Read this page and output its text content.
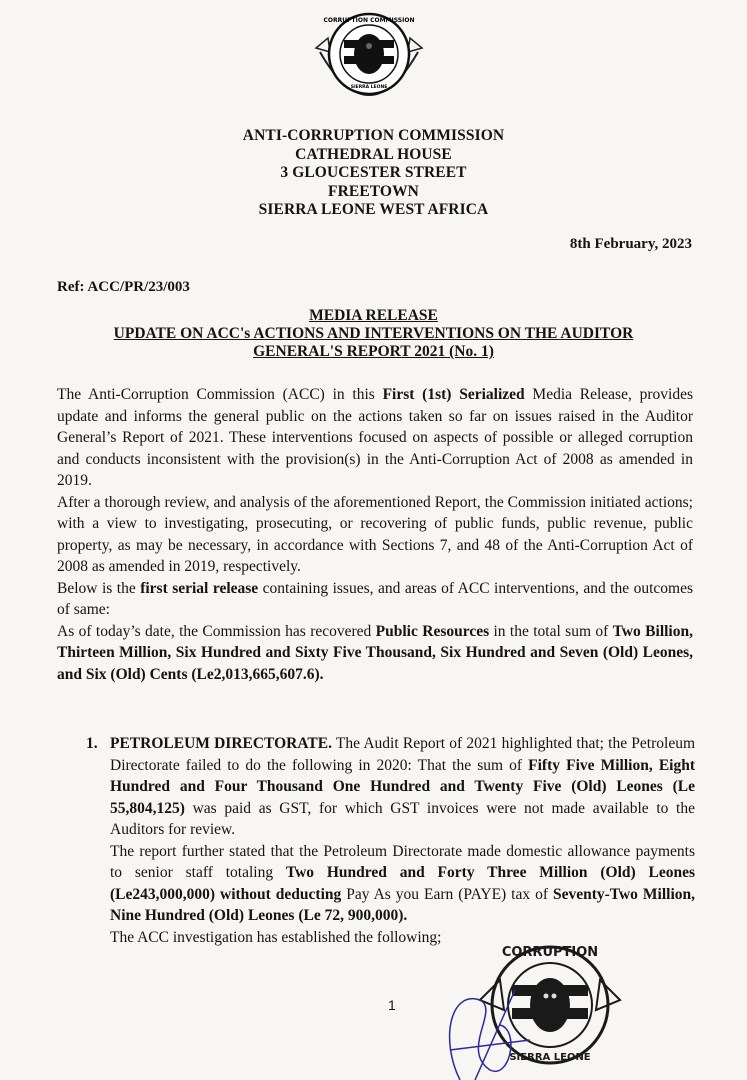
CORRUPTION COMMISSION
SIERRA LEONE
ANTI-CORRUPTION COMMISSION
CATHEDRAL HOUSE
3 GLOUCESTER STREET
FREETOWN
SIERRA LEONE WEST AFRICA
8th February, 2023
Ref: ACC/PR/23/003
MEDIA RELEASE
UPDATE ON ACC's ACTIONS AND INTERVENTIONS ON THE AUDITOR
GENERAL'S REPORT 2021 (No. 1)

The Anti-Corruption Commission (ACC) in this First (1st) Serialized Media Release, provides update and informs the general public on the actions taken so far on issues raised in the Auditor General’s Report of 2021. These interventions focused on aspects of possible or alleged corruption and conducts inconsistent with the provision(s) in the Anti-Corruption Act of 2008 as amended in 2019.

After a thorough review, and analysis of the aforementioned Report, the Commission initiated actions; with a view to investigating, prosecuting, or recovering of public funds, public revenue, public property, as may be necessary, in accordance with Sections 7, and 48 of the Anti-Corruption Act of 2008 as amended in 2019, respectively.

Below is the first serial release containing issues, and areas of ACC interventions, and the outcomes of same:

As of today’s date, the Commission has recovered Public Resources in the total sum of Two Billion, Thirteen Million, Six Hundred and Sixty Five Thousand, Six Hundred and Seven (Old) Leones, and Six (Old) Cents (Le2,013,665,607.6).

1. PETROLEUM DIRECTORATE. The Audit Report of 2021 highlighted that; the Petroleum Directorate failed to do the following in 2020: That the sum of Fifty Five Million, Eight Hundred and Four Thousand One Hundred and Twenty Five (Old) Leones (Le 55,804,125) was paid as GST, for which GST invoices were not made available to the Auditors for review.

The report further stated that the Petroleum Directorate made domestic allowance payments to senior staff totaling Two Hundred and Forty Three Million (Old) Leones (Le243,000,000) without deducting Pay As you Earn (PAYE) tax of Seventy-Two Million, Nine Hundred (Old) Leones (Le 72, 900,000).

The ACC investigation has established the following;

1
CORRUPTION
SIERRA LEONE
